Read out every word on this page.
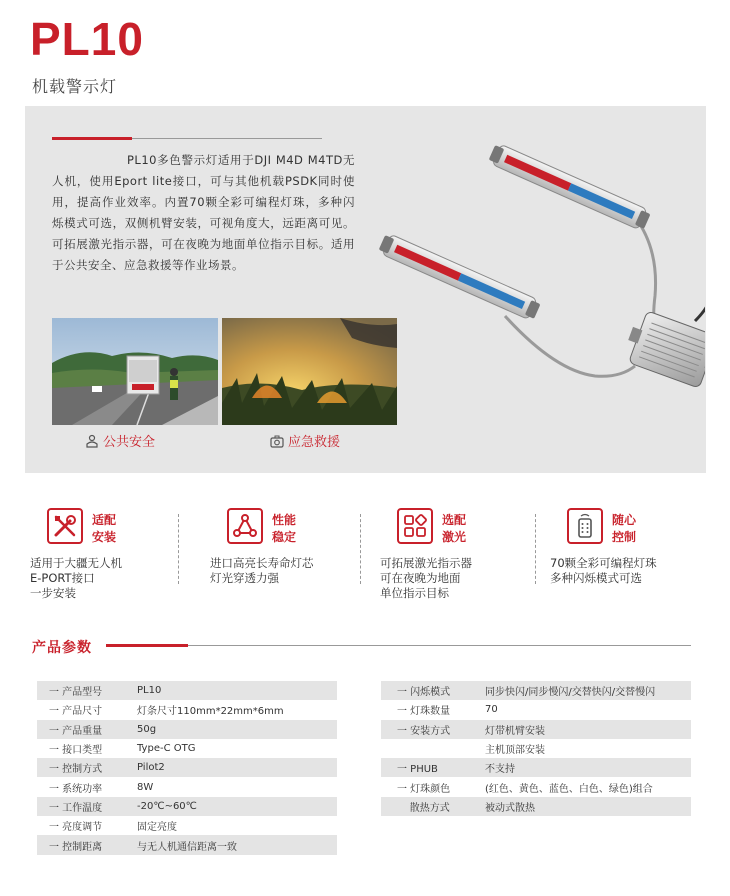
PL10
机载警示灯
PL10多色警示灯适用于DJI M4D M4TD无人机，使用Eport lite接口，可与其他机载PSDK同时使用，提高作业效率。内置70颗全彩可编程灯珠，多种闪烁模式可选，双侧机臂安装，可视角度大，远距离可见。可拓展激光指示器，可在夜晚为地面单位指示目标。适用于公共安全、应急救援等作业场景。
公共安全	应急救援
适配
安装
适用于大疆无人机
E-PORT接口
一步安装
性能
稳定
进口高亮长寿命灯芯
灯光穿透力强
选配
激光
可拓展激光指示器
可在夜晚为地面
单位指示目标
随心
控制
70颗全彩可编程灯珠
多种闪烁模式可选
产品参数
一 产品型号	PL10
一 产品尺寸	灯条尺寸110mm*22mm*6mm
一 产品重量	50g
一 接口类型	Type-C OTG
一 控制方式	Pilot2
一 系统功率	8W
一 工作温度	-20℃~60℃
一 亮度调节	固定亮度
一 控制距离	与无人机通信距离一致
一 闪烁模式	同步快闪/同步慢闪/交替快闪/交替慢闪
一 灯珠数量	70
一 安装方式	灯带机臂安装
主机顶部安装
一 PHUB	不支持
一 灯珠颜色	(红色、黄色、蓝色、白色、绿色)组合
散热方式	被动式散热
